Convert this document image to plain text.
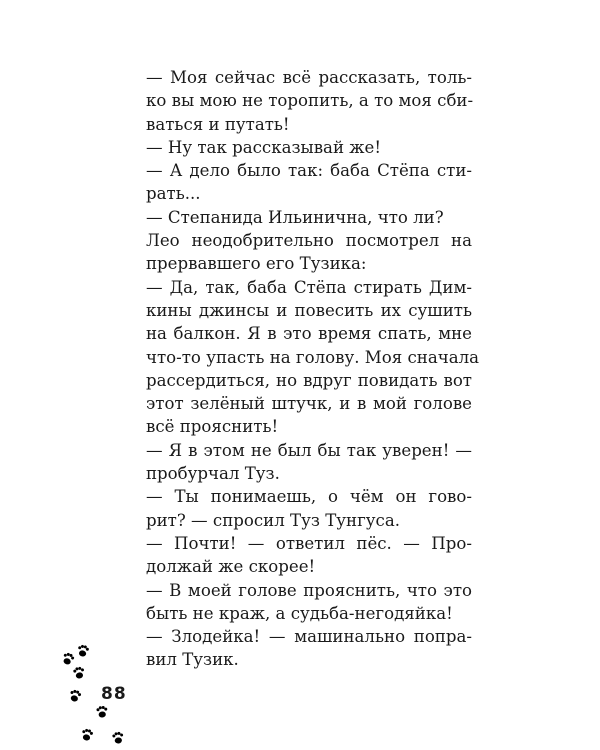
— Моя сейчас всё рассказать, толь-
ко вы мою не торопить, а то моя сби-
ваться и путать!
— Ну так рассказывай же!
— А дело было так: баба Стёпа сти-
рать...
— Степанида Ильинична, что ли?
Лео неодобрительно посмотрел на
прервавшего его Тузика:
— Да, так, баба Стёпа стирать Дим-
кины джинсы и повесить их сушить
на балкон. Я в это время спать, мне
что-то упасть на голову. Моя сначала
рассердиться, но вдруг повидать вот
этот зелёный штучк, и в мой голове
всё прояснить!
— Я в этом не был бы так уверен! —
пробурчал Туз.
— Ты понимаешь, о чём он гово-
рит? — спросил Туз Тунгуса.
— Почти! — ответил пёс. — Про-
должай же скорее!
— В моей голове прояснить, что это
быть не краж, а судьба-негодяйка!
— Злодейка! — машинально попра-
вил Тузик.
88
